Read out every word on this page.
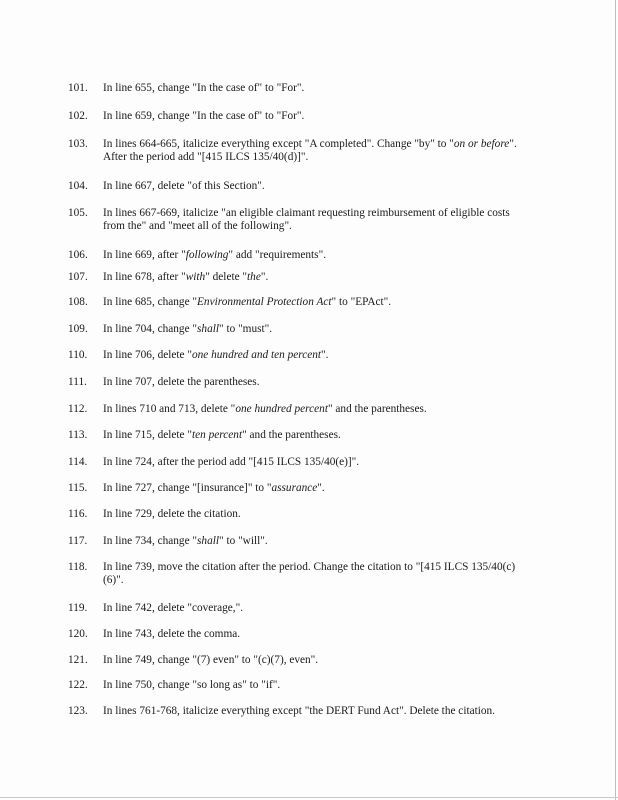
101.	In line 655, change "In the case of" to "For".
102.	In line 659, change "In the case of" to "For".
103.	In lines 664-665, italicize everything except "A completed". Change "by" to "on or before". After the period add "[415 ILCS 135/40(d)]".
104.	In line 667, delete "of this Section".
105.	In lines 667-669, italicize "an eligible claimant requesting reimbursement of eligible costs from the" and "meet all of the following".
106.	In line 669, after "following" add "requirements".
107.	In line 678, after "with" delete "the".
108.	In line 685, change "Environmental Protection Act" to "EPAct".
109.	In line 704, change "shall" to "must".
110.	In line 706, delete "one hundred and ten percent".
111.	In line 707, delete the parentheses.
112.	In lines 710 and 713, delete "one hundred percent" and the parentheses.
113.	In line 715, delete "ten percent" and the parentheses.
114.	In line 724, after the period add "[415 ILCS 135/40(e)]".
115.	In line 727, change "[insurance]" to "assurance".
116.	In line 729, delete the citation.
117.	In line 734, change "shall" to "will".
118.	In line 739, move the citation after the period. Change the citation to "[415 ILCS 135/40(c)(6)".
119.	In line 742, delete "coverage,".
120.	In line 743, delete the comma.
121.	In line 749, change "(7) even" to "(c)(7), even".
122.	In line 750, change "so long as" to "if".
123.	In lines 761-768, italicize everything except "the DERT Fund Act". Delete the citation.
